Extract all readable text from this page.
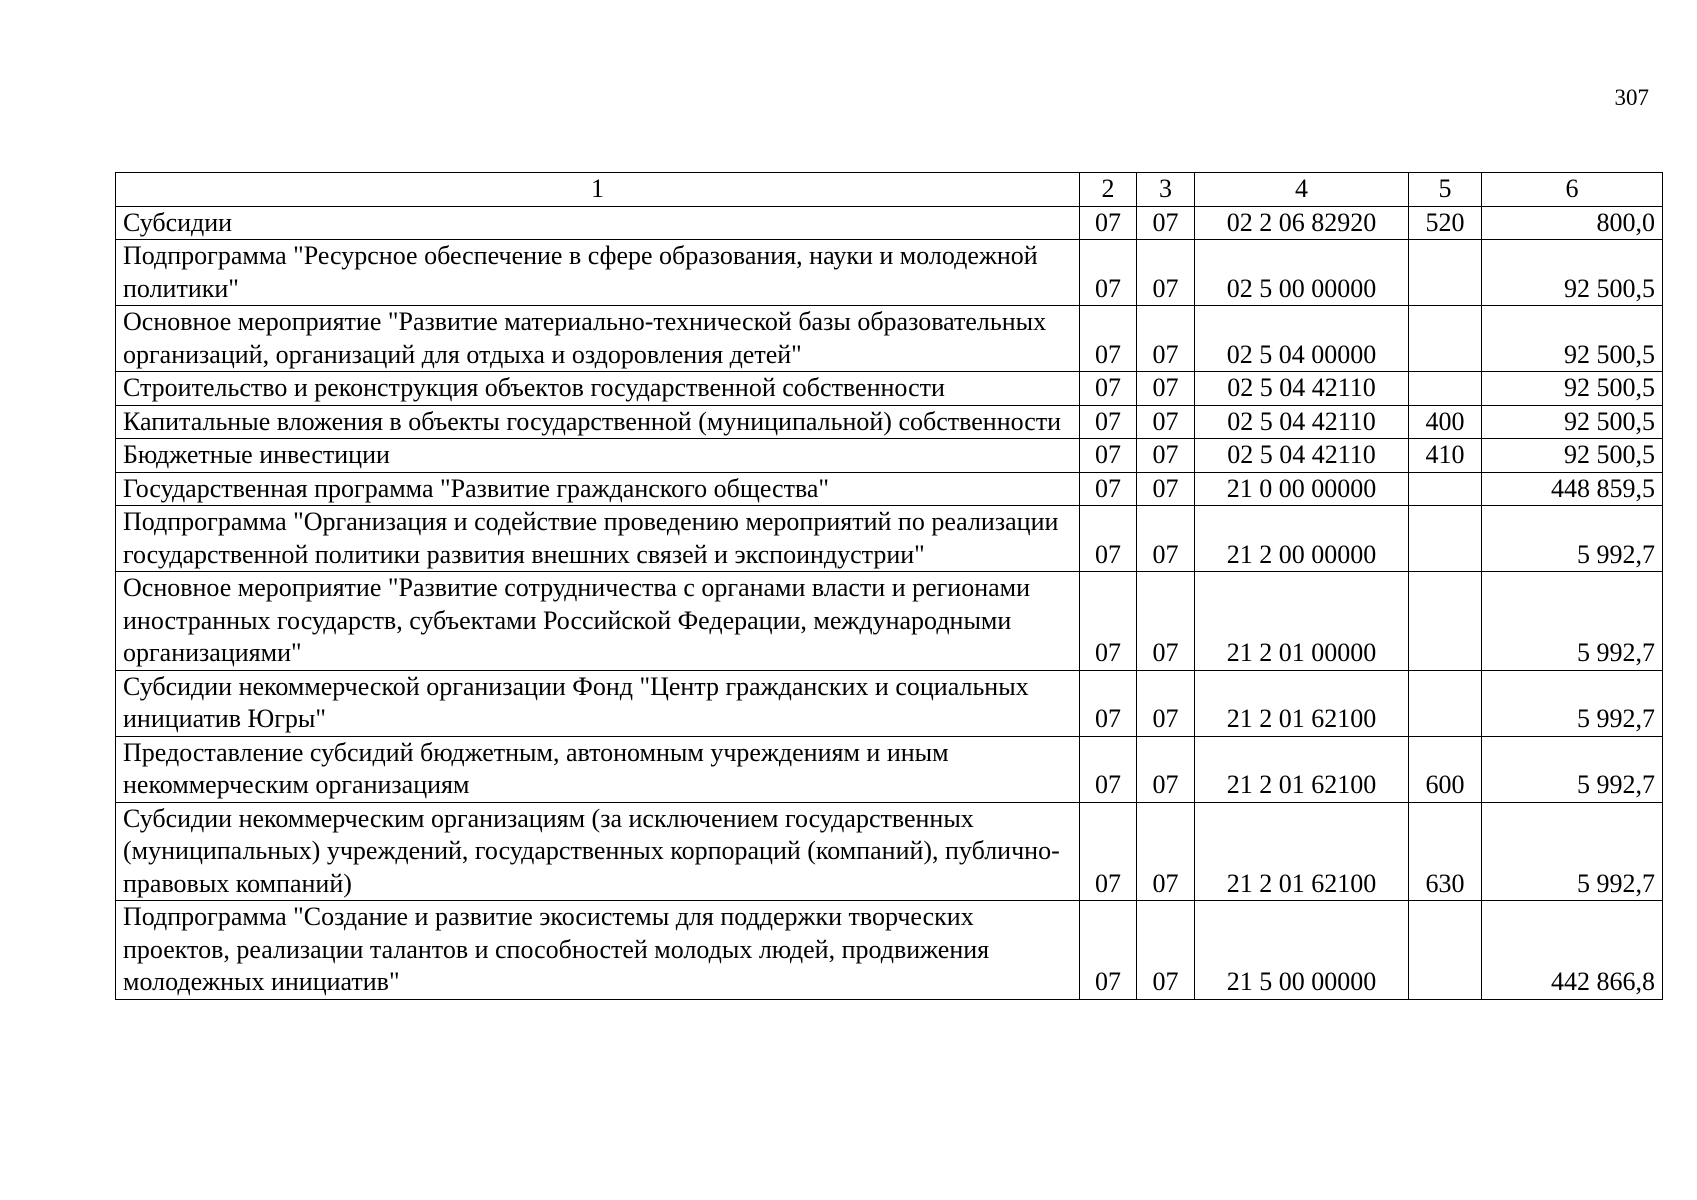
307
1	2	3	4	5	6
Субсидии	07	07	02 2 06 82920	520	800,0
Подпрограмма "Ресурсное обеспечение в сфере образования, науки и молодежной политики"	07	07	02 5 00 00000		92 500,5
Основное мероприятие "Развитие материально-технической базы образовательных организаций, организаций для отдыха и оздоровления детей"	07	07	02 5 04 00000		92 500,5
Строительство и реконструкция объектов государственной собственности	07	07	02 5 04 42110		92 500,5
Капитальные вложения в объекты государственной (муниципальной) собственности	07	07	02 5 04 42110	400	92 500,5
Бюджетные инвестиции	07	07	02 5 04 42110	410	92 500,5
Государственная программа "Развитие гражданского общества"	07	07	21 0 00 00000		448 859,5
Подпрограмма "Организация и содействие проведению мероприятий по реализации государственной политики развития внешних связей и экспоиндустрии"	07	07	21 2 00 00000		5 992,7
Основное мероприятие "Развитие сотрудничества с органами власти и регионами иностранных государств, субъектами Российской Федерации, международными организациями"	07	07	21 2 01 00000		5 992,7
Субсидии некоммерческой организации Фонд "Центр гражданских и социальных инициатив Югры"	07	07	21 2 01 62100		5 992,7
Предоставление субсидий бюджетным, автономным учреждениям и иным некоммерческим организациям	07	07	21 2 01 62100	600	5 992,7
Субсидии некоммерческим организациям (за исключением государственных (муниципальных) учреждений, государственных корпораций (компаний), публично-правовых компаний)	07	07	21 2 01 62100	630	5 992,7
Подпрограмма "Создание и развитие экосистемы для поддержки творческих проектов, реализации талантов и способностей молодых людей, продвижения молодежных инициатив"	07	07	21 5 00 00000		442 866,8
